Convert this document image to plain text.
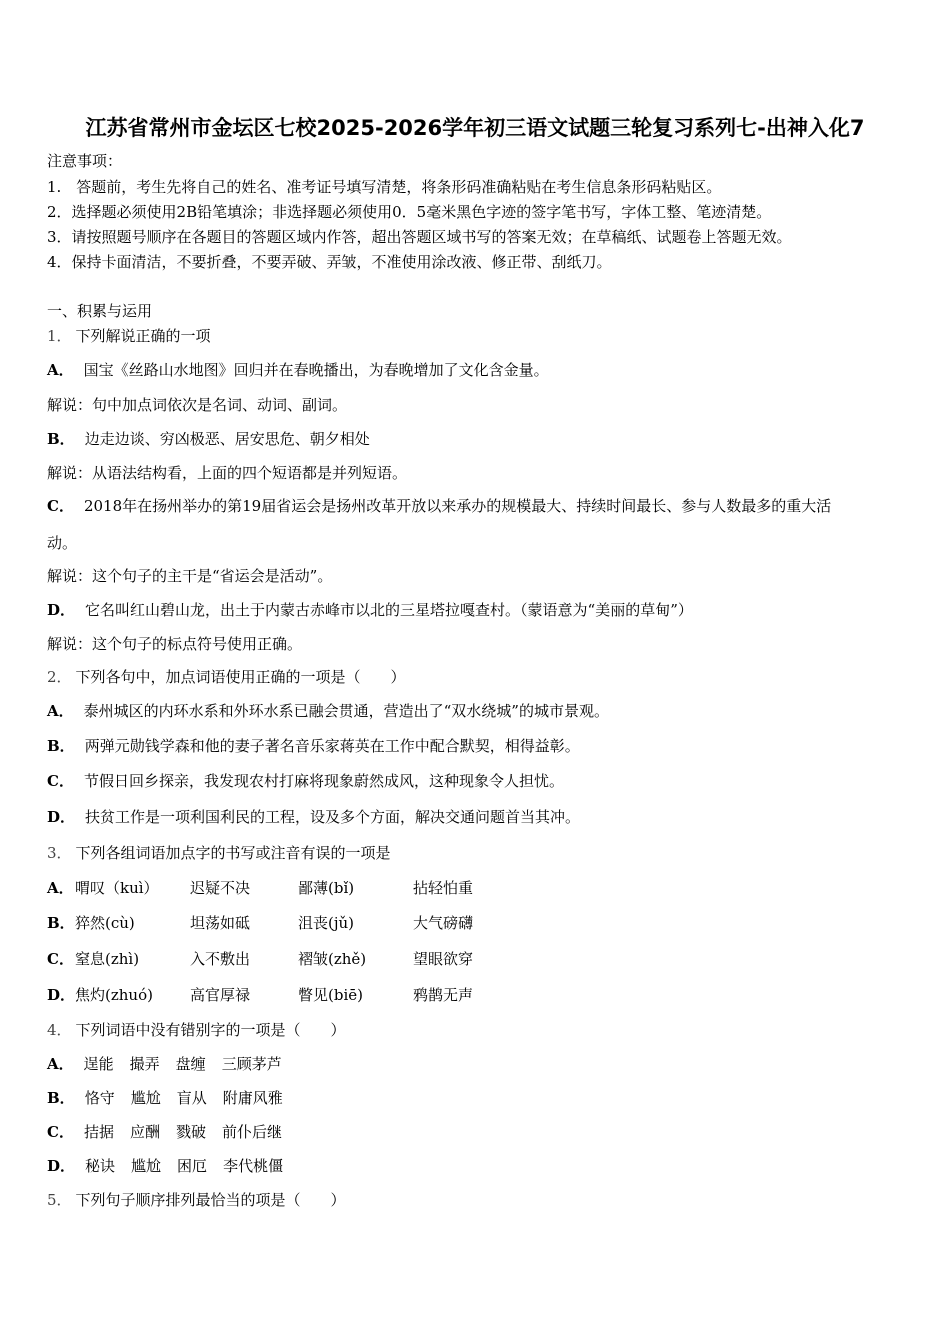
江苏省常州市金坛区七校2025-2026学年初三语文试题三轮复习系列七-出神入化7
注意事项：
1.　答题前，考生先将自己的姓名、准考证号填写清楚，将条形码准确粘贴在考生信息条形码粘贴区。
2．选择题必须使用2B铅笔填涂；非选择题必须使用0．5毫米黑色字迹的签字笔书写，字体工整、笔迹清楚。
3．请按照题号顺序在各题目的答题区域内作答，超出答题区域书写的答案无效；在草稿纸、试题卷上答题无效。
4．保持卡面清洁，不要折叠，不要弄破、弄皱，不准使用涂改液、修正带、刮纸刀。
一、积累与运用
1． 下列解说正确的一项
A． 国宝《丝路山水地图》回归并在春晚播出，为春晚增加了文化含金量。
解说：句中加点词依次是名词、动词、副词。
B． 边走边谈、穷凶极恶、居安思危、朝夕相处
解说：从语法结构看，上面的四个短语都是并列短语。
C． 2018年在扬州举办的第19届省运会是扬州改革开放以来承办的规模最大、持续时间最长、参与人数最多的重大活
动。
解说：这个句子的主干是“省运会是活动”。
D． 它名叫红山碧山龙，出土于内蒙古赤峰市以北的三星塔拉嘎查村。（蒙语意为“美丽的草甸”）
解说：这个句子的标点符号使用正确。
2． 下列各句中，加点词语使用正确的一项是（　　）
A． 泰州城区的内环水系和外环水系已融会贯通，营造出了“双水绕城”的城市景观。
B． 两弹元勋钱学森和他的妻子著名音乐家蒋英在工作中配合默契，相得益彰。
C． 节假日回乡探亲，我发现农村打麻将现象蔚然成风，这种现象令人担忧。
D． 扶贫工作是一项利国利民的工程，设及多个方面，解决交通问题首当其冲。
3． 下列各组词语加点字的书写或注音有误的一项是
A． 喟叹（kuì） 迟疑不决	鄙薄(bǐ)	拈轻怕重
B． 猝然(cù)	坦荡如砥	沮丧(jǔ)	大气磅礴
C． 窒息(zhì)	入不敷出	褶皱(zhě)	望眼欲穿
D． 焦灼(zhuó) 高官厚禄	瞥见(biē)	鸦鹊无声
4． 下列词语中没有错别字的一项是（　　）
A． 逞能 撮弄 盘缠 三顾茅芦
B． 恪守 尴尬 盲从 附庸风雅
C． 拮据 应酬 戮破 前仆后继
D． 秘诀 尴尬 困厄 李代桃僵
5． 下列句子顺序排列最恰当的项是（　　）
